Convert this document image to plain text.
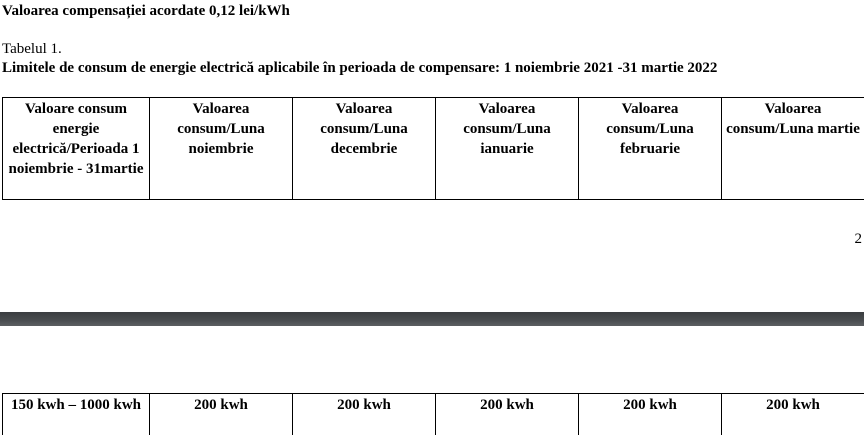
Valoarea compensației acordate 0,12 lei/kWh
Tabelul 1.
Limitele de consum de energie electrică aplicabile în perioada de compensare: 1 noiembrie 2021 -31 martie 2022
Valoare consum energie electrică/Perioada 1 noiembrie - 31martie	Valoarea consum/Luna noiembrie	Valoarea consum/Luna decembrie	Valoarea consum/Luna ianuarie	Valoarea consum/Luna februarie	Valoarea consum/Luna martie
2
150 kwh – 1000 kwh	200 kwh	200 kwh	200 kwh	200 kwh	200 kwh
